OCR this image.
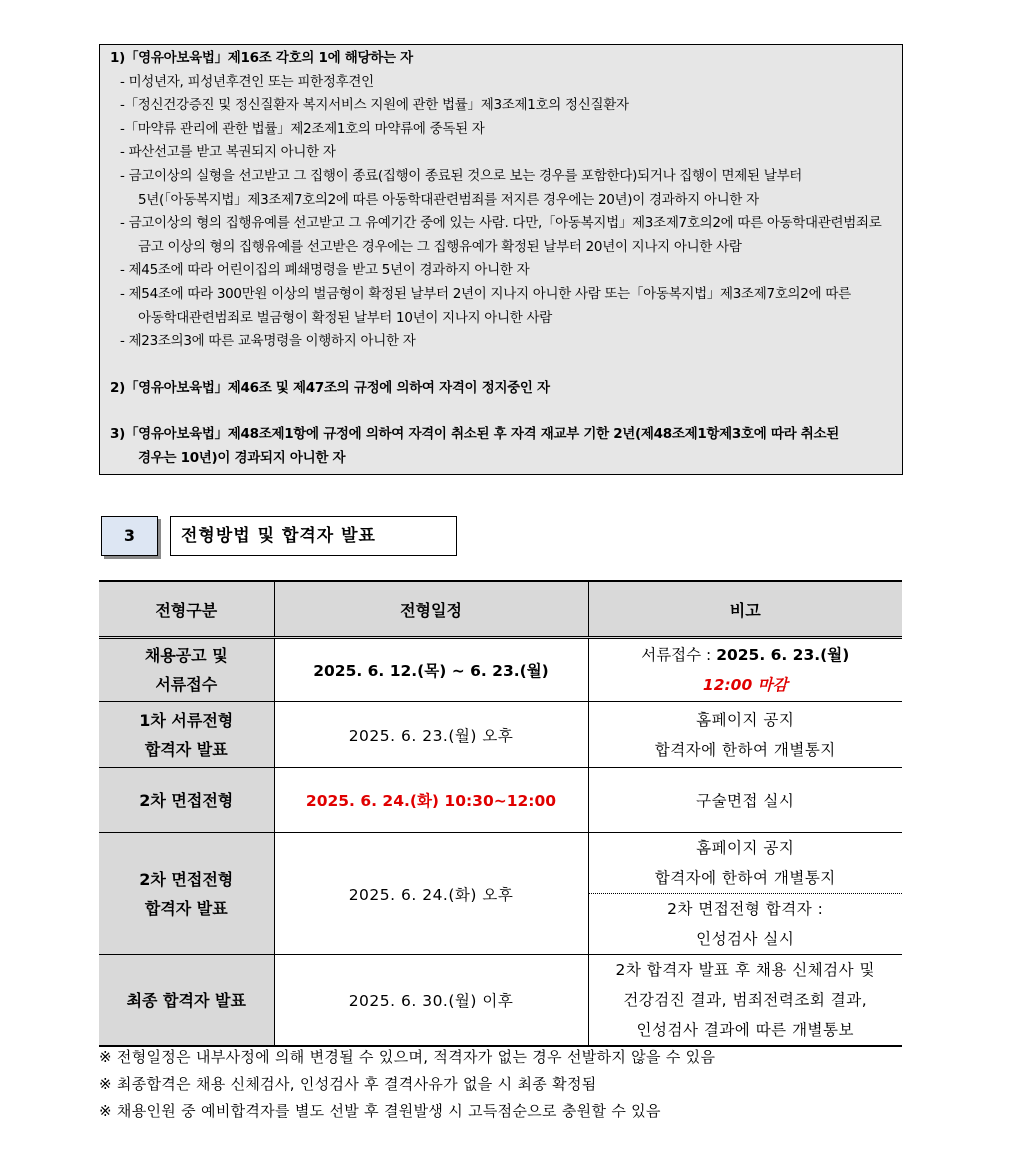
1)「영유아보육법」제16조 각호의 1에 해당하는 자
- 미성년자, 피성년후견인 또는 피한정후견인
-「정신건강증진 및 정신질환자 복지서비스 지원에 관한 법률」제3조제1호의 정신질환자
-「마약류 관리에 관한 법률」제2조제1호의 마약류에 중독된 자
- 파산선고를 받고 복권되지 아니한 자
- 금고이상의 실형을 선고받고 그 집행이 종료(집행이 종료된 것으로 보는 경우를 포함한다)되거나 집행이 면제된 날부터
5년(「아동복지법」제3조제7호의2에 따른 아동학대관련범죄를 저지른 경우에는 20년)이 경과하지 아니한 자
- 금고이상의 형의 집행유예를 선고받고 그 유예기간 중에 있는 사람. 다만,「아동복지법」제3조제7호의2에 따른 아동학대관련범죄로
금고 이상의 형의 집행유예를 선고받은 경우에는 그 집행유예가 확정된 날부터 20년이 지나지 아니한 사람
- 제45조에 따라 어린이집의 폐쇄명령을 받고 5년이 경과하지 아니한 자
- 제54조에 따라 300만원 이상의 벌금형이 확정된 날부터 2년이 지나지 아니한 사람 또는「아동복지법」제3조제7호의2에 따른
아동학대관련범죄로 벌금형이 확정된 날부터 10년이 지나지 아니한 사람
- 제23조의3에 따른 교육명령을 이행하지 아니한 자
2)「영유아보육법」제46조 및 제47조의 규정에 의하여 자격이 정지중인 자
3)「영유아보육법」제48조제1항에 규정에 의하여 자격이 취소된 후 자격 재교부 기한 2년(제48조제1항제3호에 따라 취소된
경우는 10년)이 경과되지 아니한 자
3	전형방법 및 합격자 발표
전형구분	전형일정	비고

채용공고 및
서류접수	2025. 6. 12.(목) ~ 6. 23.(월)	서류접수 : 2025. 6. 23.(월)
12:00 마감

1차 서류전형
합격자 발표	2025. 6. 23.(월) 오후	홈페이지 공지
합격자에 한하여 개별통지

2차 면접전형	2025. 6. 24.(화) 10:30~12:00	구술면접 실시

2차 면접전형
합격자 발표	2025. 6. 24.(화) 오후	홈페이지 공지
합격자에 한하여 개별통지

		2차 면접전형 합격자 :
인성검사 실시

최종 합격자 발표	2025. 6. 30.(월) 이후	2차 합격자 발표 후 채용 신체검사 및
건강검진 결과, 범죄전력조회 결과,
인성검사 결과에 따른 개별통보
※ 전형일정은 내부사정에 의해 변경될 수 있으며, 적격자가 없는 경우 선발하지 않을 수 있음
※ 최종합격은 채용 신체검사, 인성검사 후 결격사유가 없을 시 최종 확정됨
※ 채용인원 중 예비합격자를 별도 선발 후 결원발생 시 고득점순으로 충원할 수 있음
